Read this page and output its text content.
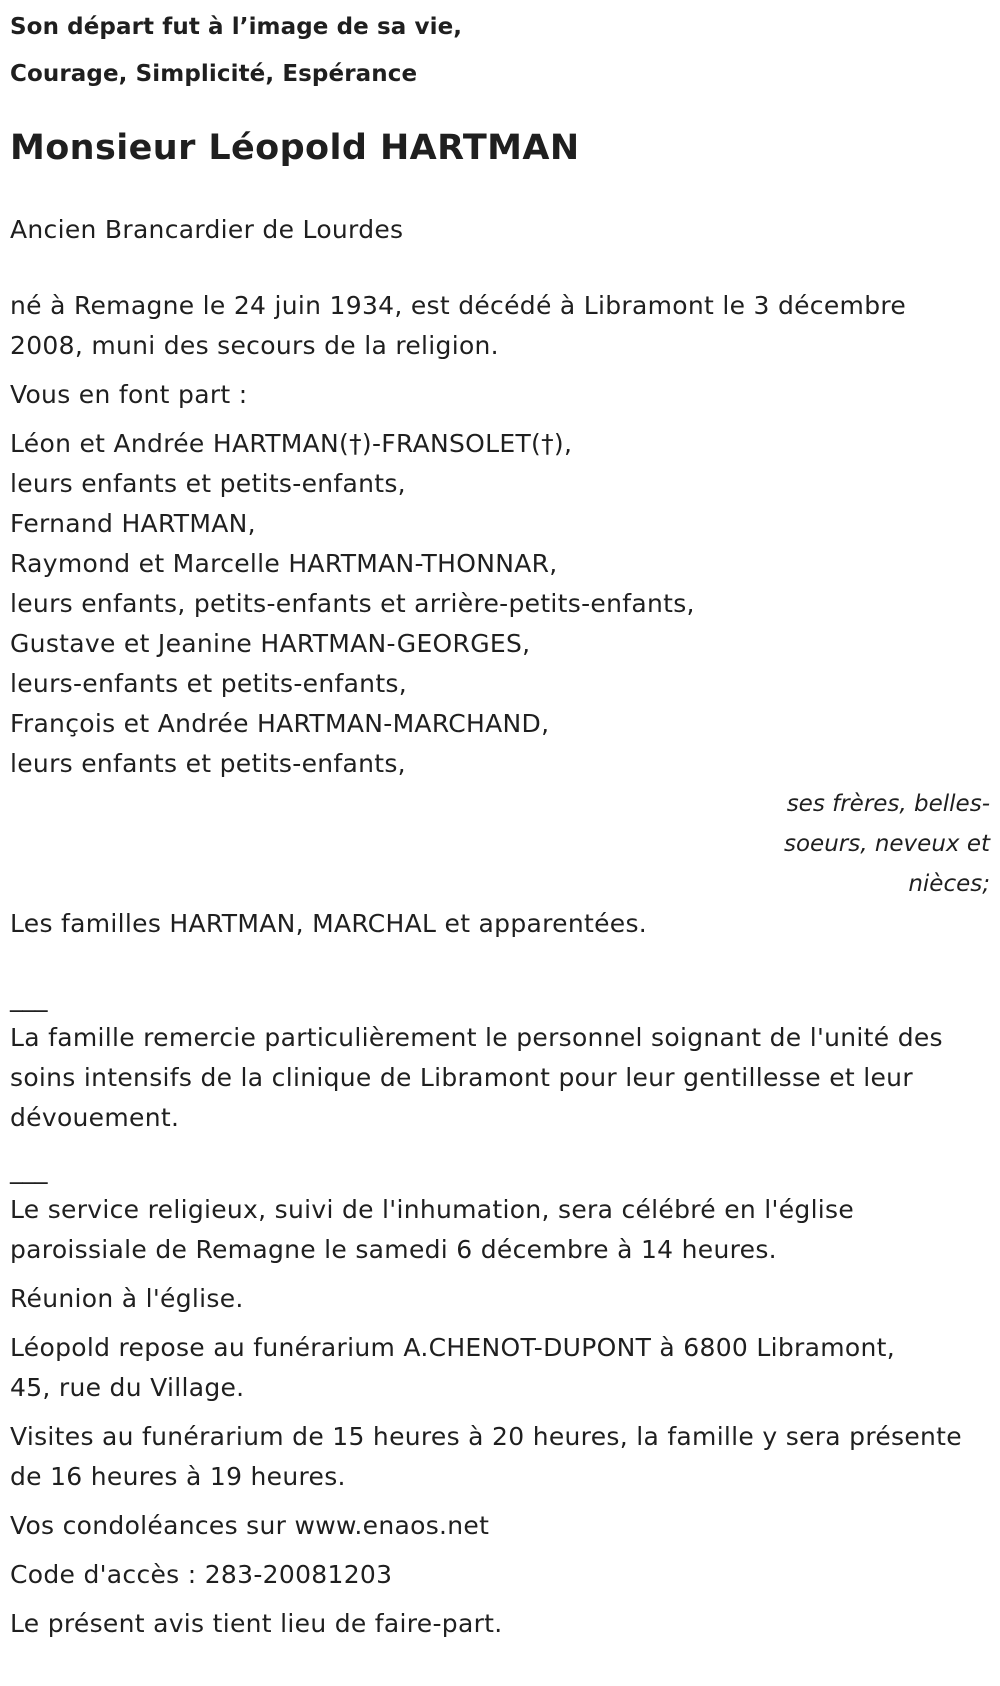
Son départ fut à l’image de sa vie,
Courage, Simplicité, Espérance
Monsieur Léopold HARTMAN
Ancien Brancardier de Lourdes
né à Remagne le 24 juin 1934, est décédé à Libramont le 3 décembre
2008, muni des secours de la religion.
Vous en font part :
Léon et Andrée HARTMAN(†)-FRANSOLET(†),
leurs enfants et petits-enfants,
Fernand HARTMAN,
Raymond et Marcelle HARTMAN-THONNAR,
leurs enfants, petits-enfants et arrière-petits-enfants,
Gustave et Jeanine HARTMAN-GEORGES,
leurs-enfants et petits-enfants,
François et Andrée HARTMAN-MARCHAND,
leurs enfants et petits-enfants,
ses frères, belles-
soeurs, neveux et
nièces;
Les familles HARTMAN, MARCHAL et apparentées.
___
La famille remercie particulièrement le personnel soignant de l'unité des
soins intensifs de la clinique de Libramont pour leur gentillesse et leur
dévouement.
___
Le service religieux, suivi de l'inhumation, sera célébré en l'église
paroissiale de Remagne le samedi 6 décembre à 14 heures.
Réunion à l'église.
Léopold repose au funérarium A.CHENOT-DUPONT à 6800 Libramont,
45, rue du Village.
Visites au funérarium de 15 heures à 20 heures, la famille y sera présente
de 16 heures à 19 heures.
Vos condoléances sur www.enaos.net
Code d'accès : 283-20081203
Le présent avis tient lieu de faire-part.
